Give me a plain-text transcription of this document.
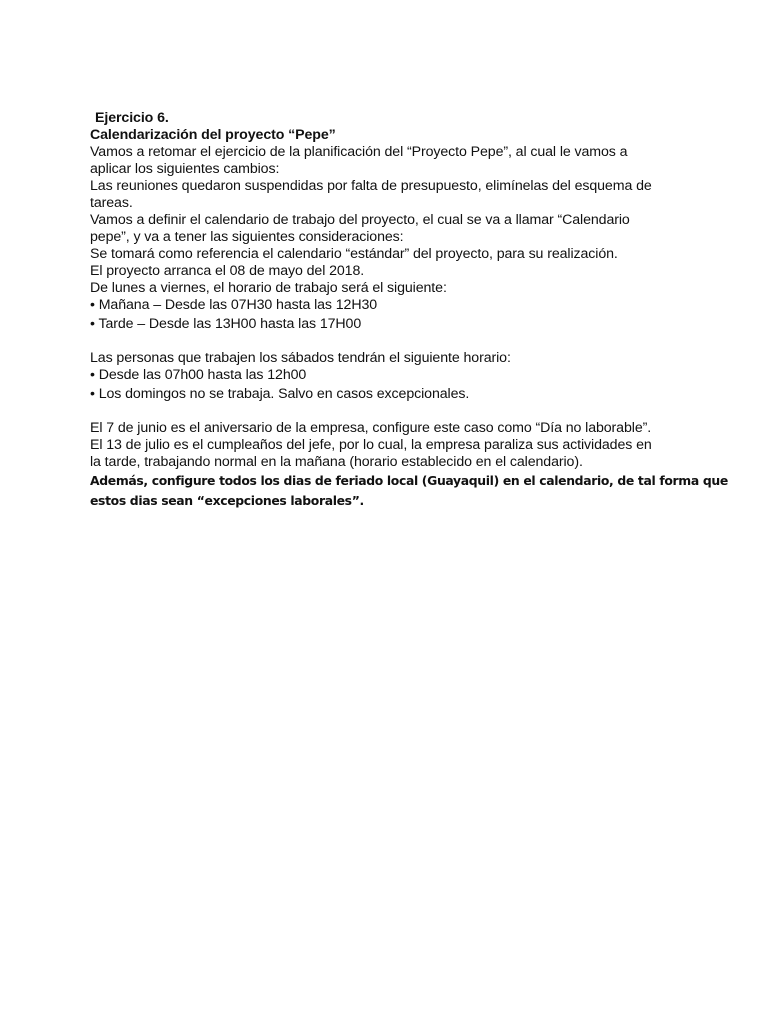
Ejercicio 6.
Calendarización del proyecto “Pepe”
Vamos a retomar el ejercicio de la planificación del “Proyecto Pepe”, al cual le vamos a
aplicar los siguientes cambios:
Las reuniones quedaron suspendidas por falta de presupuesto, elimínelas del esquema de
tareas.
Vamos a definir el calendario de trabajo del proyecto, el cual se va a llamar “Calendario
pepe”, y va a tener las siguientes consideraciones:
Se tomará como referencia el calendario “estándar” del proyecto, para su realización.
El proyecto arranca el 08 de mayo del 2018.
De lunes a viernes, el horario de trabajo será el siguiente:
• Mañana – Desde las 07H30 hasta las 12H30
• Tarde – Desde las 13H00 hasta las 17H00
Las personas que trabajen los sábados tendrán el siguiente horario:
• Desde las 07h00 hasta las 12h00
• Los domingos no se trabaja. Salvo en casos excepcionales.
El 7 de junio es el aniversario de la empresa, configure este caso como “Día no laborable”.
El 13 de julio es el cumpleaños del jefe, por lo cual, la empresa paraliza sus actividades en
la tarde, trabajando normal en la mañana (horario establecido en el calendario).
Además, configure todos los dias de feriado local (Guayaquil) en el calendario, de tal forma que
estos dias sean “excepciones laborales”.
